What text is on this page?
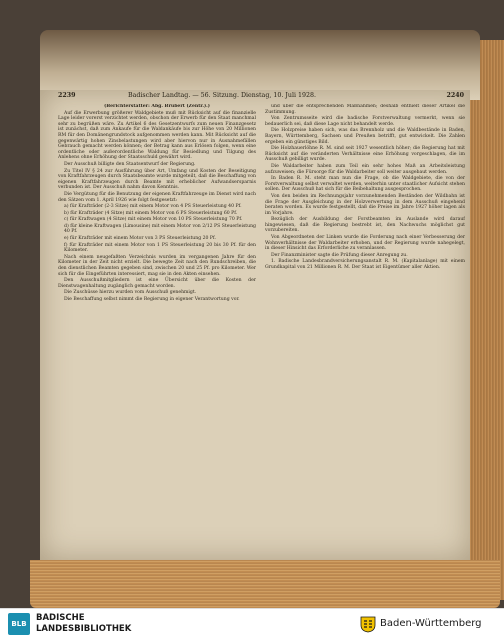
2239	Badischer Landtag. — 56. Sitzung. Dienstag, 10. Juli 1928.	2240

(Berichterstatter: Abg. Brubert (Zentr.).)

Auf die Erwerbung größerer Waldgebiete muß mit Rücksicht auf die finanzielle Lage leider vorerst verzichtet werden, obschon der Erwerb für den Staat manchmal sehr zu begrüßen wäre. Zu Artikel 6 des Gesetzentwurfs zum neuen Finanzgesetz ist zunächst, daß zum Ankaufe für die Waldankäufe bis zur Höhe von 20 Millionen RM für den Domänengrundstock aufgenommen werden kann. Mit Rücksicht auf die gegenwärtig hohen Zinsbelastungen wird aber hiervon nur in Ausnahmefällen Gebrauch gemacht werden können; der Betrag kann aus Erlösen folgen, wenn eine ordentliche oder außerordentliche Waldung für Besiedlung und Tilgung des Anlehens ohne Erhöhung der Staatsschuld gewährt wird.

Der Ausschuß billigte den Staatsentwurf der Regierung.

Zu Titel IV § 24 zur Ausführung über Art, Umfang und Kosten der Beseitigung von Kraftfahrzeugen durch Staatsbeamte wurde mitgeteilt, daß die Beschaffung von eigenen Kraftfahrzeugen durch Beamte mit erheblicher Aufwandsersparnis verbunden ist. Der Ausschuß nahm davon Kenntnis.

Die Vergütung für die Benutzung der eigenen Kraftfahrzeuge im Dienst wird nach den Sätzen vom 1. April 1926 wie folgt festgesetzt:

a) für Krafträder (2-3 Sitze) mit einem Motor von 4 PS Steuerleistung 40 Pf.

b) für Krafträder (4 Sitze) mit einem Motor von 6 PS Steuerleistung 60 Pf.

c) für Kraftwagen (4 Sitze) mit einem Motor von 10 PS Steuerleistung 70 Pf.

d) für kleine Kraftwagen (Limousine) mit einem Motor von 2/12 PS Steuerleistung 40 Pf.

e) für Krafträder mit einem Motor von 3 PS Steuerleistung 20 Pf.

f) für Krafträder mit einem Motor von 1 PS Steuerleistung 20 bis 30 Pf. für den Kilometer.

Nach einem neugefaßten Verzeichnis wurden im vergangenen Jahre für den Kilometer in der Zeit nicht erzielt. Die bewegte Zeit nach den Rundschreiben, die den dienstlichen Beamten gegeben sind, zwischen 20 und 25 Pf. pro Kilometer. Wer sich für die Eingeführten interessiert, mag sie in den Akten einsehen.

Den Ausschußmitgliedern ist eine Übersicht über die Kosten der Dienstwagenhaltung zugänglich gemacht worden.

Die Zuschüsse hierzu wurden vom Ausschuß genehmigt.

Die Beschaffung selbst nimmt die Regierung in eigener Verantwortung vor.

und über die entsprechenden Maßnahmen; deshalb enthielt dieser Artikel die Zustimmung.

Von Zentrumsseite wird die badische Forstverwaltung vermerkt, wenn sie bedauerlich sei, daß diese Lage nicht behandelt werde.

Die Holzpreise haben sich, was das Brennholz und die Waldbestände in Baden, Bayern, Württemberg, Sachsen und Preußen betrifft, gut entwickelt. Die Zahlen ergeben ein günstiges Bild.

Die Holzhauerlöhne R. M. sind seit 1927 wesentlich höher; die Regierung hat mit Rücksicht auf die veränderten Verhältnisse eine Erhöhung vorgeschlagen, die im Ausschuß gebilligt wurde.

Die Waldarbeiter haben zum Teil ein sehr hohes Maß an Arbeitsleistung aufzuweisen; die Fürsorge für die Waldarbeiter soll weiter ausgebaut werden.

In Baden R. M. steht man nun die Frage, ob die Waldgebiete, die von der Forstverwaltung selbst verwaltet werden, weiterhin unter staatlicher Aufsicht stehen sollen. Der Ausschuß hat sich für die Beibehaltung ausgesprochen.

Von den beiden im Rechnungsjahr vorzunehmenden Beständen der Wildbahn ist die Frage der Ausgleichung in der Holzverwertung in dem Ausschuß eingehend beraten worden. Es wurde festgestellt, daß die Preise im Jahre 1927 höher lagen als im Vorjahre.

Bezüglich der Ausbildung der Forstbeamten im Auslande wird darauf hingewiesen, daß die Regierung bestrebt ist, den Nachwuchs möglichst gut vorzubereiten.

Von Abgeordneten der Linken wurde die Forderung nach einer Verbesserung der Wohnverhältnisse der Waldarbeiter erhoben, und der Regierung wurde nahegelegt, in dieser Hinsicht das Erforderliche zu veranlassen.

Der Finanzminister sagte die Prüfung dieser Anregung zu.

1. Badische Landesbrandversicherungsanstalt R. M. (Kapitalanlage) mit einem Grundkapital von 21 Millionen R. M. Der Staat ist Eigentümer aller Aktien.

BLB
BADISCHE
LANDESBIBLIOTHEK	Baden-Württemberg
